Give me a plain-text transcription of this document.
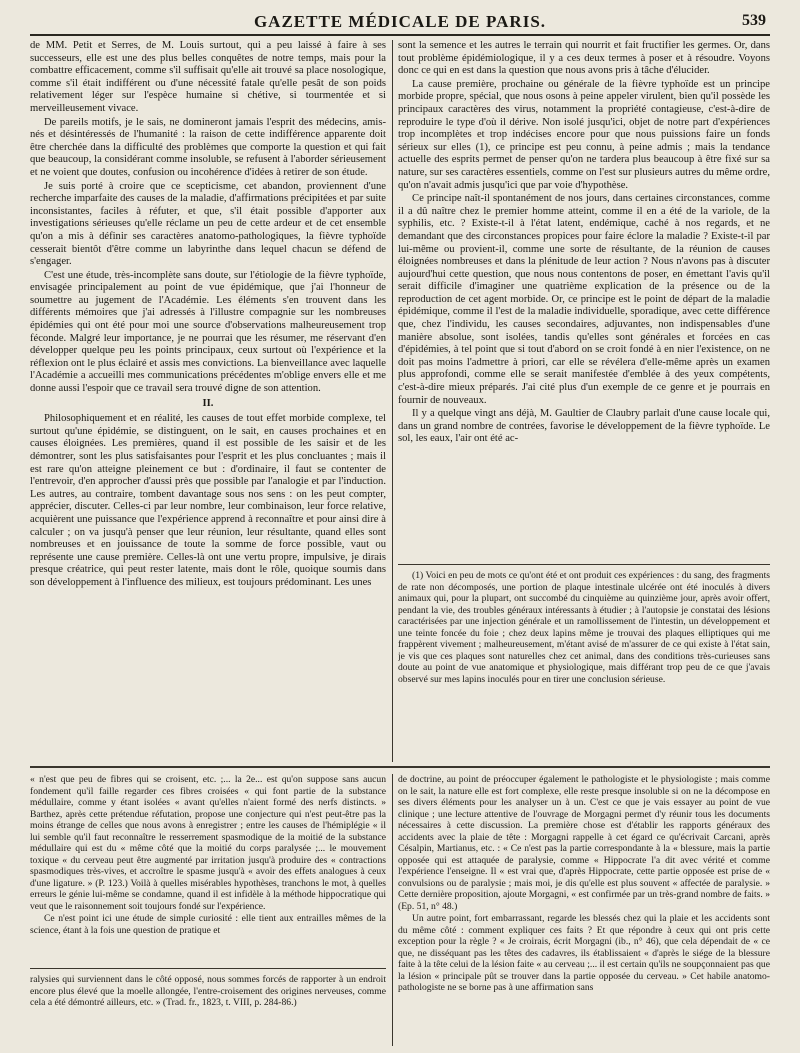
GAZETTE MÉDICALE DE PARIS.	539

de MM. Petit et Serres, de M. Louis surtout, qui a peu laissé à faire à ses successeurs, elle est une des plus belles conquêtes de notre temps, mais pour la combattre efficacement, comme s'il suffisait qu'elle ait trouvé sa place nosologique, comme s'il était indifférent ou d'une nécessité fatale qu'elle pesât de son poids relativement léger sur l'espèce humaine si chétive, si tourmentée et si merveilleusement vivace.

De pareils motifs, je le sais, ne domineront jamais l'esprit des médecins, amis-nés et désintéressés de l'humanité : la raison de cette indifférence apparente doit être cherchée dans la difficulté des problèmes que comporte la question et qui fait que beaucoup, la considérant comme insoluble, se refusent à l'aborder sérieusement et ne voient que doutes, confusion ou incohérence d'idées à retirer de son étude.

Je suis porté à croire que ce scepticisme, cet abandon, proviennent d'une recherche imparfaite des causes de la maladie, d'affirmations précipitées et par suite inconsistantes, faciles à réfuter, et que, s'il était possible d'apporter aux investigations sérieuses qu'elle réclame un peu de cette ardeur et de cet ensemble qu'on a mis à définir ses caractères anatomo-pathologiques, la fièvre typhoïde cesserait bientôt d'être comme un labyrinthe dans lequel chacun se défend de s'engager.

C'est une étude, très-incomplète sans doute, sur l'étiologie de la fièvre typhoïde, envisagée principalement au point de vue épidémique, que j'ai l'honneur de soumettre au jugement de l'Académie. Les éléments s'en trouvent dans les différents mémoires que j'ai adressés à l'illustre compagnie sur les nombreuses épidémies qui ont été pour moi une source d'observations malheureusement trop féconde. Malgré leur importance, je ne pourrai que les résumer, me réservant d'en développer quelque peu les points principaux, ceux surtout où l'expérience et la réflexion ont le plus éclairé et assis mes convictions. La bienveillance avec laquelle l'Académie a accueilli mes communications précédentes m'oblige envers elle et me donne aussi l'espoir que ce travail sera trouvé digne de son attention.

II.

Philosophiquement et en réalité, les causes de tout effet morbide complexe, tel surtout qu'une épidémie, se distinguent, on le sait, en causes prochaines et en causes éloignées. Les premières, quand il est possible de les saisir et de les démontrer, sont les plus satisfaisantes pour l'esprit et les plus concluantes ; mais il est rare qu'on atteigne pleinement ce but : d'ordinaire, il faut se contenter de l'entrevoir, d'en approcher d'aussi près que possible par l'analogie et par l'induction. Les autres, au contraire, tombent davantage sous nos sens : on les peut compter, apprécier, discuter. Celles-ci par leur nombre, leur combinaison, leur force relative, acquièrent une puissance que l'expérience apprend à reconnaître et pour ainsi dire à calculer ; on va jusqu'à penser que leur réunion, leur résultante, quand elles sont nombreuses et en jouissance de toute la somme de force possible, vaut ou représente une cause première. Celles-là ont une vertu propre, impulsive, je dirais presque créatrice, qui peut rester latente, mais dont le rôle, quoique soumis dans son développement à l'influence des milieux, est toujours prédominant. Les unes

sont la semence et les autres le terrain qui nourrit et fait fructifier les germes. Or, dans tout problème épidémiologique, il y a ces deux termes à poser et à résoudre. Voyons donc ce qui en est dans la question que nous avons pris à tâche d'élucider.

La cause première, prochaine ou générale de la fièvre typhoïde est un principe morbide propre, spécial, que nous osons à peine appeler virulent, bien qu'il possède les principaux caractères des virus, notamment la propriété contagieuse, c'est-à-dire de reproduire le type d'où il dérive. Non isolé jusqu'ici, objet de notre part d'expériences trop incomplètes et trop indécises encore pour que nous puissions faire un fonds sérieux sur elles (1), ce principe est peu connu, à peine admis ; mais la tendance actuelle des esprits permet de penser qu'on ne tardera plus beaucoup à être fixé sur sa nature, sur ses caractères essentiels, comme on l'est sur plusieurs autres du même ordre, qu'on n'avait admis jusqu'ici que par voie d'hypothèse.

Ce principe naît-il spontanément de nos jours, dans certaines circonstances, comme il a dû naître chez le premier homme atteint, comme il en a été de la variole, de la syphilis, etc. ? Existe-t-il à l'état latent, endémique, caché à nos regards, et ne demandant que des circonstances propices pour faire éclore la maladie ? Existe-t-il par lui-même ou provient-il, comme une sorte de résultante, de la réunion de causes éloignées nombreuses et dans la plénitude de leur action ? Nous n'avons pas à discuter aujourd'hui cette question, que nous nous contentons de poser, en émettant l'avis qu'il serait difficile d'imaginer une quatrième explication de la présence ou de la reproduction de cet agent morbide. Or, ce principe est le point de départ de la maladie épidémique, comme il l'est de la maladie individuelle, sporadique, avec cette différence que, chez l'individu, les causes secondaires, adjuvantes, non indispensables d'une manière absolue, sont isolées, tandis qu'elles sont générales et forcées en cas d'épidémies, à tel point que si tout d'abord on se croit fondé à en nier l'existence, on ne doit pas moins l'admettre à priori, car elle se révélera d'elle-même après un examen plus approfondi, comme elle se serait manifestée d'emblée à des yeux compétents, c'est-à-dire mieux préparés. J'ai cité plus d'un exemple de ce genre et je pourrais en fournir de nouveaux.

Il y a quelque vingt ans déjà, M. Gaultier de Claubry parlait d'une cause locale qui, dans un grand nombre de contrées, favorise le développement de la fièvre typhoïde. Le sol, les eaux, l'air ont été ac-

(1) Voici en peu de mots ce qu'ont été et ont produit ces expériences : du sang, des fragments de rate non décomposés, une portion de plaque intestinale ulcérée ont été inoculés à divers animaux qui, pour la plupart, ont succombé du cinquième au quinzième jour, après avoir offert, pendant la vie, des troubles généraux intéressants à étudier ; à l'autopsie je constatai des lésions caractérisées par une injection générale et un ramollissement de l'intestin, un développement et une teinte foncée du foie ; chez deux lapins même je trouvai des plaques elliptiques qui me frappèrent vivement ; malheureusement, m'étant avisé de m'assurer de ce qui existe à l'état sain, je vis que ces plaques sont naturelles chez cet animal, dans des conditions très-curieuses sans doute au point de vue anatomique et physiologique, mais différant trop peu de ce que j'avais observé sur mes lapins inoculés pour en tirer une conclusion sérieuse.

« n'est que peu de fibres qui se croisent, etc. ;... la 2e... est qu'on suppose sans aucun fondement qu'il faille regarder ces fibres croisées « qui font partie de la substance médullaire, comme y étant isolées « avant qu'elles n'aient formé des nerfs distincts. » Barthez, après cette prétendue réfutation, propose une conjecture qui n'est peut-être pas la moins étrange de celles que nous avons à enregistrer ; entre les causes de l'hémiplégie « il lui semble qu'il faut reconnaître le resserrement spasmodique de la moitié de la substance médullaire qui est du « même côté que la moitié du corps paralysée ;... le mouvement toxique « du cerveau peut être augmenté par irritation jusqu'à produire des « contractions spasmodiques très-vives, et accroître le spasme jusqu'à « avoir des effets analogues à ceux d'une ligature. » (P. 123.) Voilà à quelles misérables hypothèses, tranchons le mot, à quelles erreurs le génie lui-même se condamne, quand il est infidèle à la méthode hippocratique qui veut que le raisonnement soit toujours fondé sur l'expérience.

Ce n'est point ici une étude de simple curiosité : elle tient aux entrailles mêmes de la science, étant à la fois une question de pratique et

ralysies qui surviennent dans le côté opposé, nous sommes forcés de rapporter à un endroit encore plus élevé que la moelle allongée, l'entre-croisement des origines nerveuses, comme cela a été démontré ailleurs, etc. » (Trad. fr., 1823, t. VIII, p. 284-86.)

de doctrine, au point de préoccuper également le pathologiste et le physiologiste ; mais comme on le sait, la nature elle est fort complexe, elle reste presque insoluble si on ne la décompose en ses divers éléments pour les analyser un à un. C'est ce que je vais essayer au point de vue clinique ; une lecture attentive de l'ouvrage de Morgagni permet d'y réunir tous les documents nécessaires à cette discussion. La première chose est d'établir les rapports généraux des accidents avec la plaie de tête : Morgagni rappelle à cet égard ce qu'écrivait Carcani, après Césalpin, Martianus, etc. : « Ce n'est pas la partie correspondante à la « blessure, mais la partie opposée qui est attaquée de paralysie, comme « Hippocrate l'a dit avec vérité et comme l'expérience l'enseigne. Il « est vrai que, d'après Hippocrate, cette partie opposée est prise de « convulsions ou de paralysie ; mais moi, je dis qu'elle est plus souvent « affectée de paralysie. » Cette dernière proposition, ajoute Morgagni, « est confirmée par un très-grand nombre de faits. » (Ep. 51, n° 48.)

Un autre point, fort embarrassant, regarde les blessés chez qui la plaie et les accidents sont du même côté : comment expliquer ces faits ? Et que répondre à ceux qui ont pris cette exception pour la règle ? « Je croirais, écrit Morgagni (ib., n° 46), que cela dépendait de « ce que, ne disséquant pas les têtes des cadavres, ils établissaient « d'après le siége de la blessure faite à la tête celui de la lésion faite « au cerveau ;... il est certain qu'ils ne soupçonnaient pas que la lésion « principale pût se trouver dans la partie opposée du cerveau. » Cet habile anatomo-pathologiste ne se borne pas à une affirmation sans
